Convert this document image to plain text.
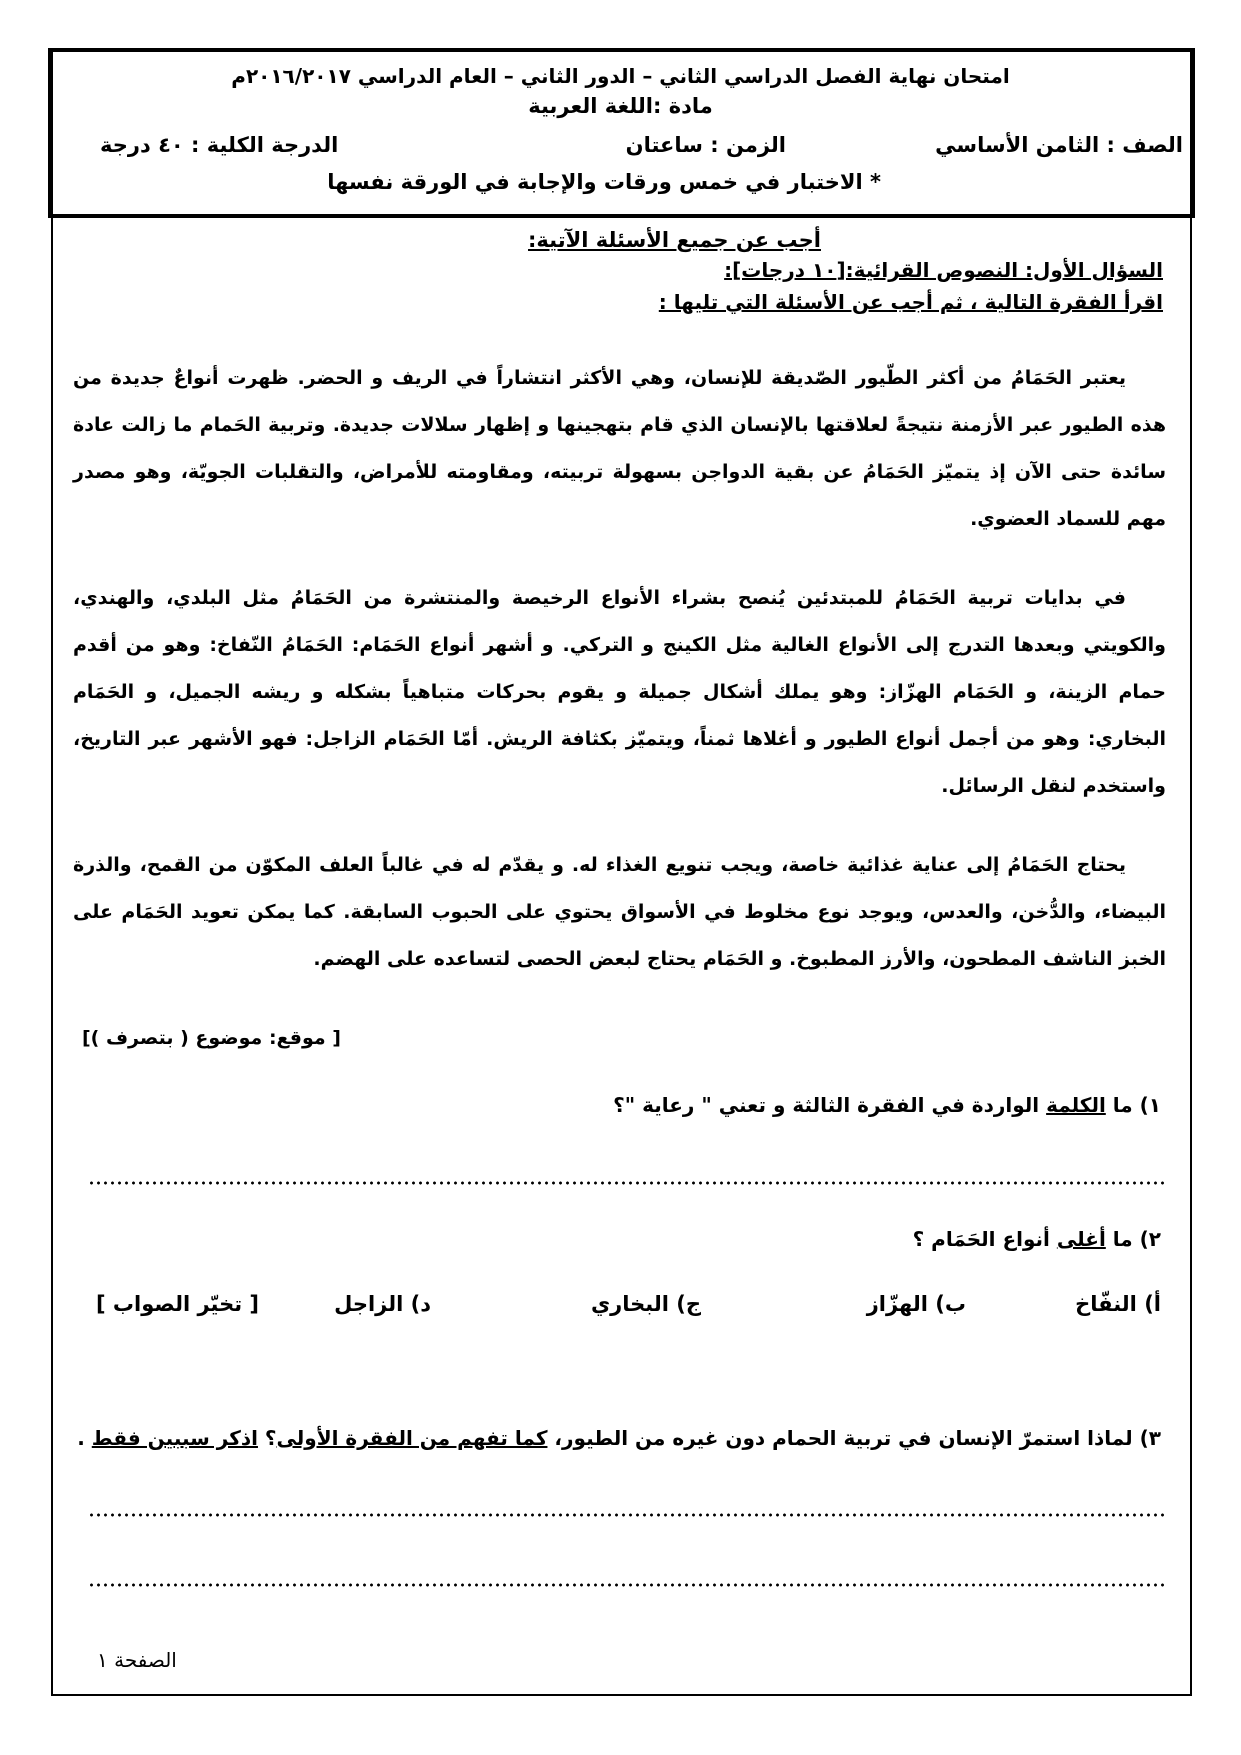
امتحان نهاية الفصل الدراسي الثاني – الدور الثاني – العام الدراسي ٢٠١٦/٢٠١٧م
مادة :اللغة العربية
الصف : الثامن الأساسي
الزمن : ساعتان
الدرجة الكلية : ٤٠ درجة
* الاختبار في خمس ورقات والإجابة في الورقة نفسها
أجب عن جميع الأسئلة الآتية:
السؤال الأول: النصوص القرائية:[١٠ درجات]:
اقرأ الفقرة التالية ، ثم أجب عن الأسئلة التي تليها :

يعتبر الحَمَامُ من أكثر الطّيور الصّديقة للإنسان، وهي الأكثر انتشاراً في الريف و الحضر. ظهرت أنواعٌ جديدة من هذه الطيور عبر الأزمنة نتيجةً لعلاقتها بالإنسان الذي قام بتهجينها و إظهار سلالات جديدة. وتربية الحَمام ما زالت عادة سائدة حتى الآن إذ يتميّز الحَمَامُ عن بقية الدواجن بسهولة تربيته، ومقاومته للأمراض، والتقلبات الجويّة، وهو مصدر مهم للسماد العضوي.

في بدايات تربية الحَمَامُ للمبتدئين يُنصح بشراء الأنواع الرخيصة والمنتشرة من الحَمَامُ مثل البلدي، والهندي، والكويتي وبعدها التدرج إلى الأنواع الغالية مثل الكينج و التركي. و أشهر أنواع الحَمَام: الحَمَامُ النّفاخ: وهو من أقدم حمام الزينة، و الحَمَام الهزّاز: وهو يملك أشكال جميلة و يقوم بحركات متباهياً بشكله و ريشه الجميل، و الحَمَام البخاري: وهو من أجمل أنواع الطيور و أغلاها ثمناً، ويتميّز بكثافة الريش. أمّا الحَمَام الزاجل: فهو الأشهر عبر التاريخ، واستخدم لنقل الرسائل.

يحتاج الحَمَامُ إلى عناية غذائية خاصة، ويجب تنويع الغذاء له. و يقدّم له في غالباً العلف المكوّن من القمح، والذرة البيضاء، والدُّخن، والعدس، ويوجد نوع مخلوط في الأسواق يحتوي على الحبوب السابقة. كما يمكن تعويد الحَمَام على الخبز الناشف المطحون، والأرز المطبوخ. و الحَمَام يحتاج لبعض الحصى لتساعده على الهضم.

[ موقع: موضوع ( بتصرف )]
١) ما الكلمة الواردة في الفقرة الثالثة و تعني " رعاية "؟
٢) ما أغلى أنواع الحَمَام ؟
أ) النفّاخ
ب) الهزّاز
ج) البخاري
د) الزاجل
[ تخيّر الصواب ]
٣) لماذا استمرّ الإنسان في تربية الحمام دون غيره من الطيور، كما تفهم من الفقرة الأولى؟ اذكر سببين فقط .
الصفحة ١
